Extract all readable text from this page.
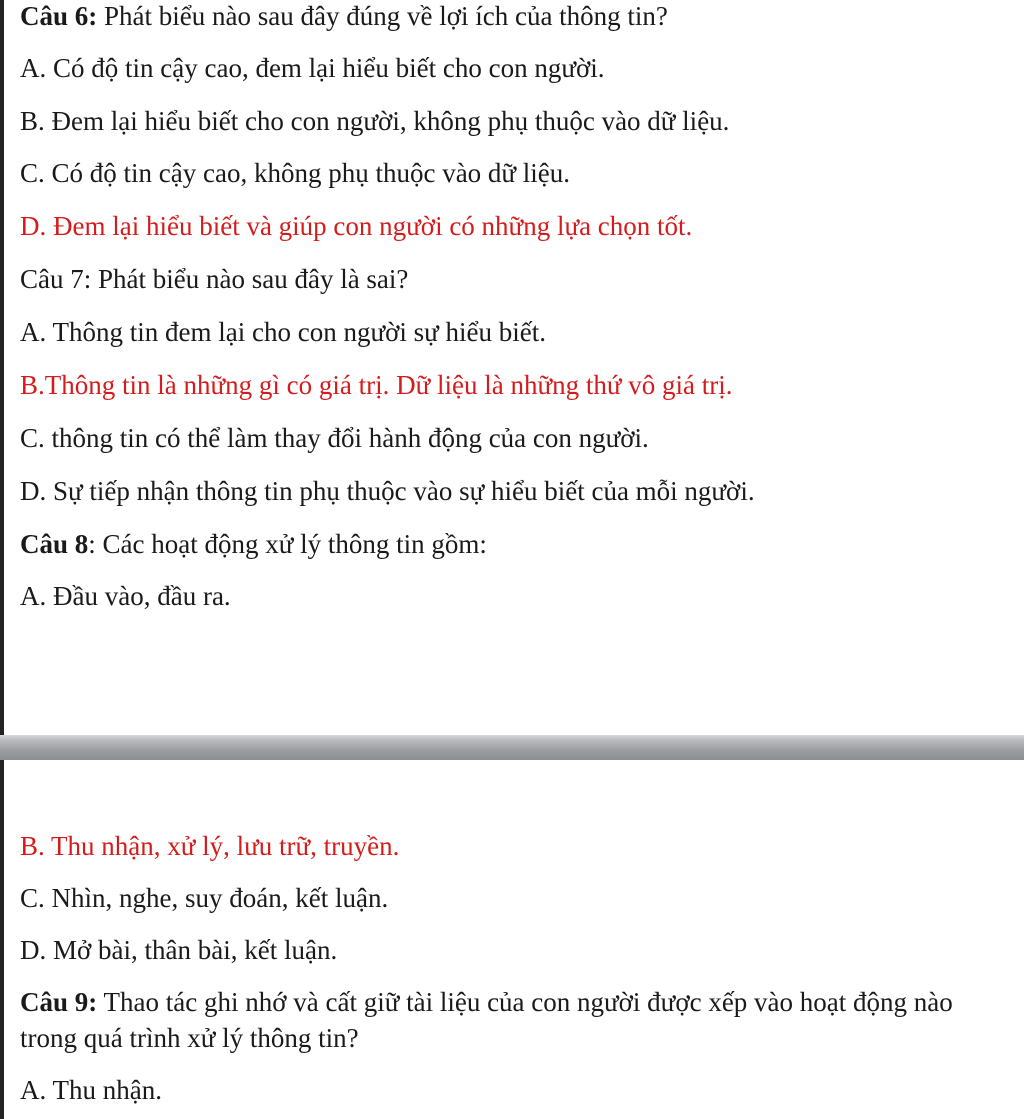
Câu 6: Phát biểu nào sau đây đúng về lợi ích của thông tin?
A. Có độ tin cậy cao, đem lại hiểu biết cho con người.
B. Đem lại hiểu biết cho con người, không phụ thuộc vào dữ liệu.
C. Có độ tin cậy cao, không phụ thuộc vào dữ liệu.
D. Đem lại hiểu biết và giúp con người có những lựa chọn tốt.
Câu 7: Phát biểu nào sau đây là sai?
A. Thông tin đem lại cho con người sự hiểu biết.
B.Thông tin là những gì có giá trị. Dữ liệu là những thứ vô giá trị.
C. thông tin có thể làm thay đổi hành động của con người.
D. Sự tiếp nhận thông tin phụ thuộc vào sự hiểu biết của mỗi người.
Câu 8: Các hoạt động xử lý thông tin gồm:
A. Đầu vào, đầu ra.
B. Thu nhận, xử lý, lưu trữ, truyền.
C. Nhìn, nghe, suy đoán, kết luận.
D. Mở bài, thân bài, kết luận.
Câu 9: Thao tác ghi nhớ và cất giữ tài liệu của con người được xếp vào hoạt động nào trong quá trình xử lý thông tin?
A. Thu nhận.
